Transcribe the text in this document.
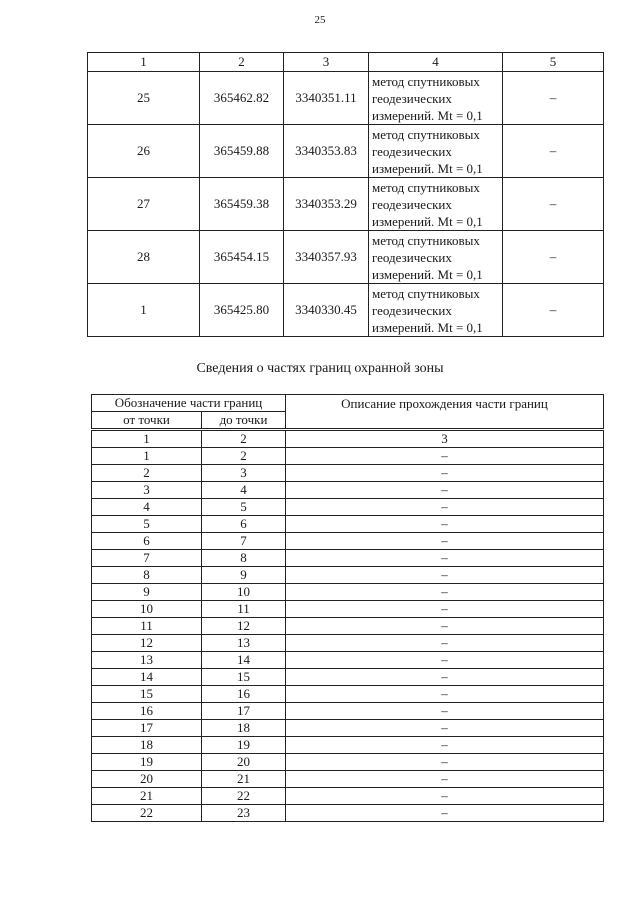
25
1	2	3	4	5
25	365462.82	3340351.11	метод спутниковых
геодезических
измерений. Mt = 0,1	–
26	365459.88	3340353.83	метод спутниковых
геодезических
измерений. Mt = 0,1	–
27	365459.38	3340353.29	метод спутниковых
геодезических
измерений. Mt = 0,1	–
28	365454.15	3340357.93	метод спутниковых
геодезических
измерений. Mt = 0,1	–
1	365425.80	3340330.45	метод спутниковых
геодезических
измерений. Mt = 0,1	–
Сведения о частях границ охранной зоны
Обозначение части границ		Описание прохождения части границ
от точки	до точки	
1	2	3
1	2	–
2	3	–
3	4	–
4	5	–
5	6	–
6	7	–
7	8	–
8	9	–
9	10	–
10	11	–
11	12	–
12	13	–
13	14	–
14	15	–
15	16	–
16	17	–
17	18	–
18	19	–
19	20	–
20	21	–
21	22	–
22	23	–
